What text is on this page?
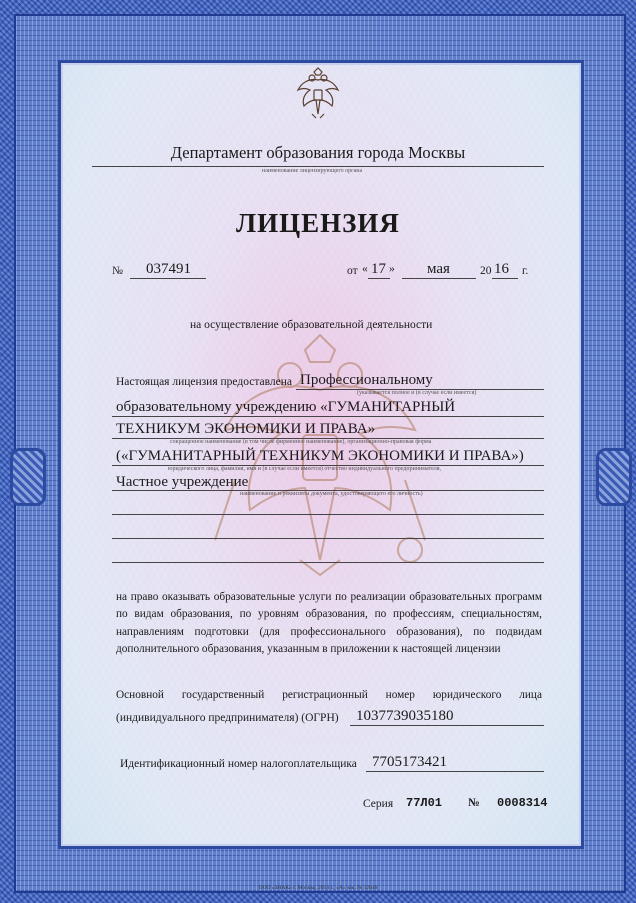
Департамент образования города Москвы
наименование лицензирующего органа
ЛИЦЕНЗИЯ
№ 037491	от « 17 » мая	20 16 г.
на осуществление образовательной деятельности
Настоящая лицензия предоставлена Профессиональному
(указывается полное и (в случае если имеется)
образовательному учреждению «ГУМАНИТАРНЫЙ
ТЕХНИКУМ ЭКОНОМИКИ И ПРАВА»
сокращенное наименование (в том числе фирменное наименование), организационно-правовая форма
(«ГУМАНИТАРНЫЙ ТЕХНИКУМ ЭКОНОМИКИ И ПРАВА»)
юридического лица, фамилия, имя и (в случае если имеется) отчество индивидуального предпринимателя,
Частное учреждение
наименование и реквизиты документа, удостоверяющего его личность)
на право оказывать образовательные услуги по реализации образовательных программ по видам образования, по уровням образования, по профессиям, специальностям, направлениям подготовки (для профессионального образования), по подвидам дополнительного образования, указанным в приложении к настоящей лицензии
Основной государственный регистрационный номер юридического лица
(индивидуального предпринимателя) (ОГРН) 1037739035180
Идентификационный номер налогоплательщика 7705173421
Серия 77Л01 № 0008314
ООО «ЗНАК» г. Москва, 2014 г., «А» зак. № 32648
